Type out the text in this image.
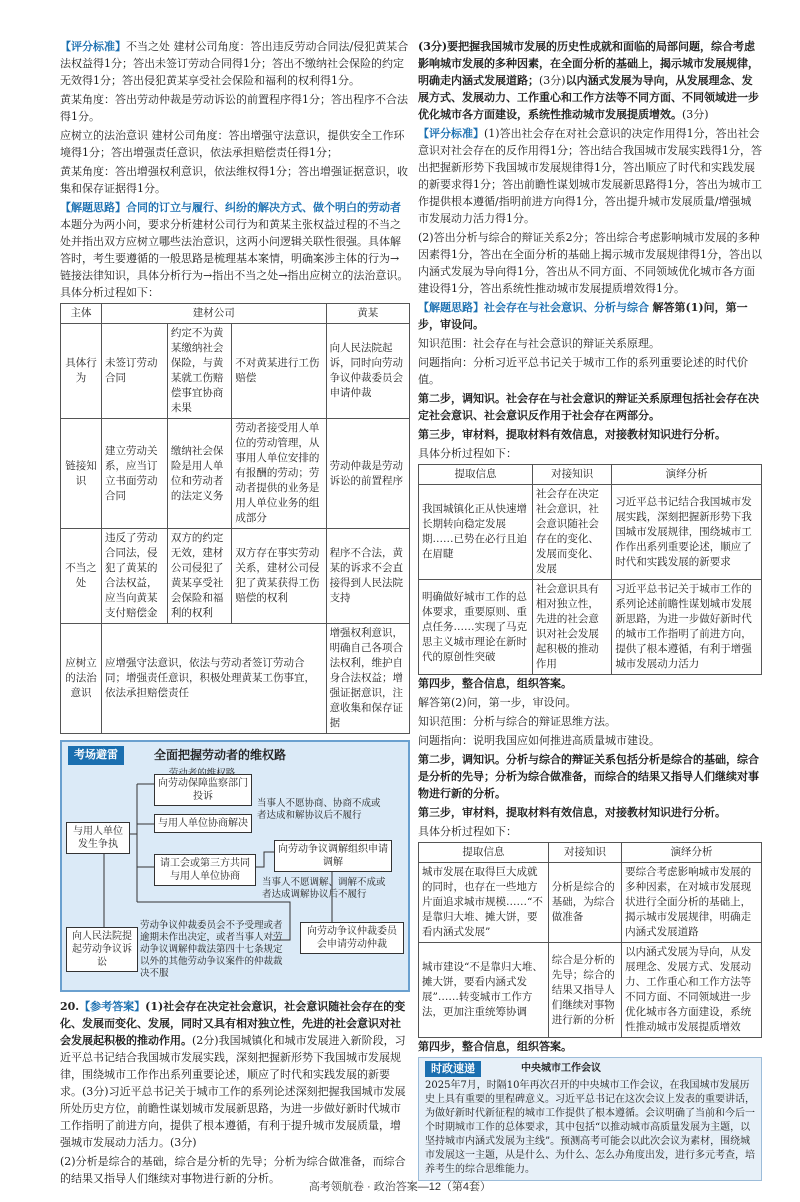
【评分标准】不当之处 建材公司角度：答出违反劳动合同法/侵犯黄某合法权益得1分；答出未签订劳动合同得1分；答出不缴纳社会保险的约定无效得1分；答出侵犯黄某享受社会保险和福利的权利得1分。

黄某角度：答出劳动仲裁是劳动诉讼的前置程序得1分；答出程序不合法得1分。

应树立的法治意识 建材公司角度：答出增强守法意识，提供安全工作环境得1分；答出增强责任意识，依法承担赔偿责任得1分；

黄某角度：答出增强权利意识，依法维权得1分；答出增强证据意识，收集和保存证据得1分。

【解题思路】合同的订立与履行、纠纷的解决方式、做个明白的劳动者 本题分为两小问，要求分析建材公司行为和黄某主张权益过程的不当之处并指出双方应树立哪些法治意识，这两小问逻辑关联性很强。具体解答时，考生要遵循的一般思路是梳理基本案情，明确案涉主体的行为→链接法律知识，具体分析行为→指出不当之处→指出应树立的法治意识。具体分析过程如下：

主体	建材公司			黄某
具体行为	未签订劳动合同	约定不为黄某缴纳社会保险，与黄某就工伤赔偿事宜协商未果	不对黄某进行工伤赔偿	向人民法院起诉，同时向劳动争议仲裁委员会申请仲裁
链接知识	建立劳动关系，应当订立书面劳动合同	缴纳社会保险是用人单位和劳动者的法定义务	劳动者接受用人单位的劳动管理，从事用人单位安排的有报酬的劳动；劳动者提供的业务是用人单位业务的组成部分	劳动仲裁是劳动诉讼的前置程序
不当之处	违反了劳动合同法，侵犯了黄某的合法权益，应当向黄某支付赔偿金	双方的约定无效，建材公司侵犯了黄某享受社会保险和福利的权利	双方存在事实劳动关系，建材公司侵犯了黄某获得工伤赔偿的权利	程序不合法，黄某的诉求不会直接得到人民法院支持
应树立的法治意识	应增强守法意识，依法与劳动者签订劳动合同；增强责任意识，积极处理黄某工伤事宜，依法承担赔偿责任			增强权利意识，明确自己各项合法权利，维护自身合法权益；增强证据意识，注意收集和保存证据
考场避雷	全面把握劳动者的维权路
与用人单位发生争执
向劳动保障监察部门投诉
与用人单位协商解决
请工会或第三方共同与用人单位协商
当事人不愿协商、协商不成或者达成和解协议后不履行
向劳动争议调解组织申请调解
当事人不愿调解、调解不成或者达成调解协议后不履行
向人民法院提起劳动争议诉讼
向劳动争议仲裁委员会申请劳动仲裁
劳动争议仲裁委员会不予受理或者逾期未作出决定，或者当事人对劳动争议调解仲裁法第四十七条规定以外的其他劳动争议案件的仲裁裁决不服

20.【参考答案】(1)社会存在决定社会意识，社会意识随社会存在的变化、发展而变化、发展，同时又具有相对独立性，先进的社会意识对社会发展起积极的推动作用。(2分)我国城镇化和城市发展进入新阶段，习近平总书记结合我国城市发展实践，深刻把握新形势下我国城市发展规律，围绕城市工作作出系列重要论述，顺应了时代和实践发展的新要求。(3分)习近平总书记关于城市工作的系列论述深刻把握我国城市发展所处历史方位，前瞻性谋划城市发展新思路，为进一步做好新时代城市工作指明了前进方向，提供了根本遵循，有利于提升城市发展质量，增强城市发展动力活力。(3分)

(2)分析是综合的基础，综合是分析的先导；分析为综合做准备，而综合的结果又指导人们继续对事物进行新的分析。

(3分)要把握我国城市发展的历史性成就和面临的局部问题，综合考虑影响城市发展的多种因素，在全面分析的基础上，揭示城市发展规律，明确走内涵式发展道路；(3分)以内涵式发展为导向，从发展理念、发展方式、发展动力、工作重心和工作方法等不同方面、不同领域进一步优化城市各方面建设，系统性推动城市发展提质增效。(3分)

【评分标准】(1)答出社会存在对社会意识的决定作用得1分，答出社会意识对社会存在的反作用得1分；答出结合我国城市发展实践得1分，答出把握新形势下我国城市发展规律得1分，答出顺应了时代和实践发展的新要求得1分；答出前瞻性谋划城市发展新思路得1分，答出为城市工作提供根本遵循/指明前进方向得1分，答出提升城市发展质量/增强城市发展动力活力得1分。

(2)答出分析与综合的辩证关系2分；答出综合考虑影响城市发展的多种因素得1分，答出在全面分析的基础上揭示城市发展规律得1分，答出以内涵式发展为导向得1分，答出从不同方面、不同领域优化城市各方面建设得1分，答出系统性推动城市发展提质增效得1分。

【解题思路】社会存在与社会意识、分析与综合 解答第(1)问，第一步，审设问。

知识范围：社会存在与社会意识的辩证关系原理。

问题指向：分析习近平总书记关于城市工作的系列重要论述的时代价值。

第二步，调知识。社会存在与社会意识的辩证关系原理包括社会存在决定社会意识、社会意识反作用于社会存在两部分。

第三步，审材料，提取材料有效信息，对接教材知识进行分析。

具体分析过程如下：

提取信息	对接知识	演绎分析
我国城镇化正从快速增长期转向稳定发展期……已势在必行且迫在眉睫	社会存在决定社会意识，社会意识随社会存在的变化、发展而变化、发展	习近平总书记结合我国城市发展实践，深刻把握新形势下我国城市发展规律，围绕城市工作作出系列重要论述，顺应了时代和实践发展的新要求
明确做好城市工作的总体要求，重要原则、重点任务……实现了马克思主义城市理论在新时代的原创性突破	社会意识具有相对独立性，先进的社会意识对社会发展起积极的推动作用	习近平总书记关于城市工作的系列论述前瞻性谋划城市发展新思路，为进一步做好新时代的城市工作指明了前进方向，提供了根本遵循，有利于增强城市发展动力活力

第四步，整合信息，组织答案。

解答第(2)问，第一步，审设问。

知识范围：分析与综合的辩证思维方法。

问题指向：说明我国应如何推进高质量城市建设。

第二步，调知识。分析与综合的辩证关系包括分析是综合的基础，综合是分析的先导；分析为综合做准备，而综合的结果又指导人们继续对事物进行新的分析。

第三步，审材料，提取材料有效信息，对接教材知识进行分析。

具体分析过程如下：

提取信息	对接知识	演绎分析
城市发展在取得巨大成就的同时，也存在一些地方片面追求城市规模……“不是靠归大堆、摊大饼，要看内涵式发展”	分析是综合的基础，为综合做准备	要综合考虑影响城市发展的多种因素，在对城市发展现状进行全面分析的基础上，揭示城市发展规律，明确走内涵式发展道路
城市建设“不是靠归大堆、摊大饼，要看内涵式发展”……转变城市工作方法，更加注重统筹协调	综合是分析的先导；综合的结果又指导人们继续对事物进行新的分析	以内涵式发展为导向，从发展理念、发展方式、发展动力、工作重心和工作方法等不同方面、不同领域进一步优化城市各方面建设，系统性推动城市发展提质增效

第四步，整合信息，组织答案。

时政速递	中央城市工作会议
2025年7月，时隔10年再次召开的中央城市工作会议，在我国城市发展历史上具有重要的里程碑意义。习近平总书记在这次会议上发表的重要讲话，为做好新时代新征程的城市工作提供了根本遵循。会议明确了当前和今后一个时期城市工作的总体要求，其中包括“以推动城市高质量发展为主题，以坚持城市内涵式发展为主线”。预测高考可能会以此次会议为素材，围绕城市发展这一主题，从是什么、为什么、怎么办角度出发，进行多元考查，培养考生的综合思维能力。
高考领航卷 · 政治答案—12（第4套）
